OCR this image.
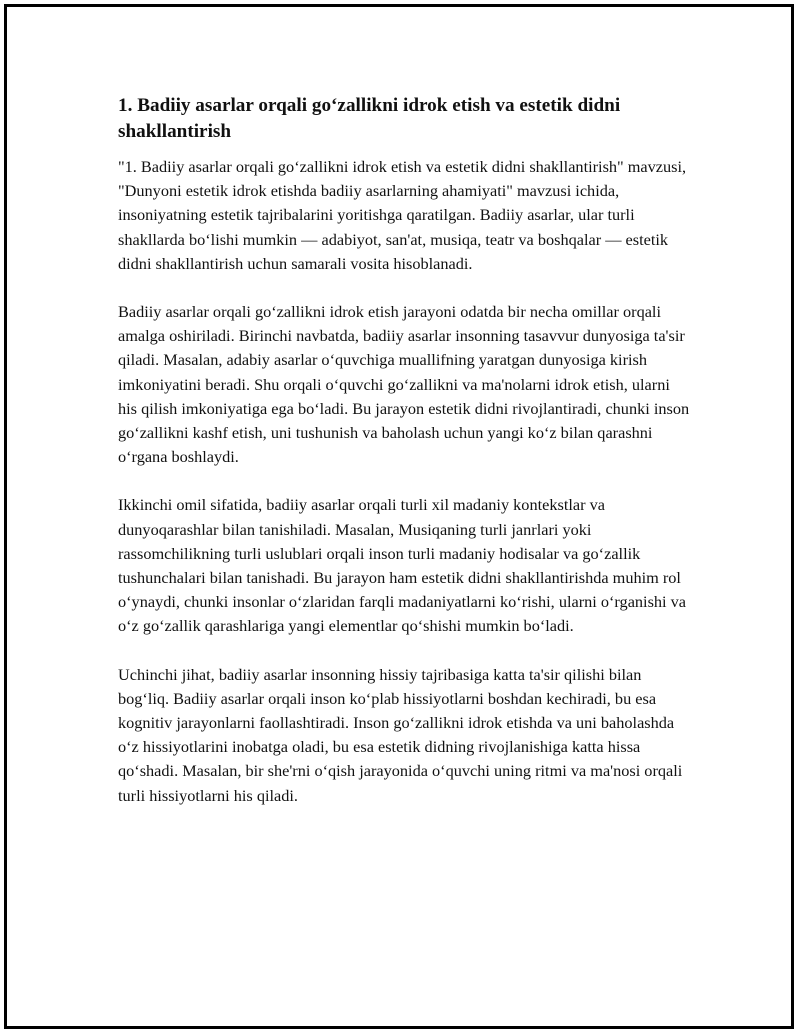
1. Badiiy asarlar orqali goʻzallikni idrok etish va estetik didni shakllantirish

"1. Badiiy asarlar orqali goʻzallikni idrok etish va estetik didni shakllantirish" mavzusi, "Dunyoni estetik idrok etishda badiiy asarlarning ahamiyati" mavzusi ichida, insoniyatning estetik tajribalarini yoritishga qaratilgan. Badiiy asarlar, ular turli shakllarda boʻlishi mumkin — adabiyot, san'at, musiqa, teatr va boshqalar — estetik didni shakllantirish uchun samarali vosita hisoblanadi.

Badiiy asarlar orqali goʻzallikni idrok etish jarayoni odatda bir necha omillar orqali amalga oshiriladi. Birinchi navbatda, badiiy asarlar insonning tasavvur dunyosiga ta'sir qiladi. Masalan, adabiy asarlar oʻquvchiga muallifning yaratgan dunyosiga kirish imkoniyatini beradi. Shu orqali oʻquvchi goʻzallikni va ma'nolarni idrok etish, ularni his qilish imkoniyatiga ega boʻladi. Bu jarayon estetik didni rivojlantiradi, chunki inson goʻzallikni kashf etish, uni tushunish va baholash uchun yangi koʻz bilan qarashni oʻrgana boshlaydi.

Ikkinchi omil sifatida, badiiy asarlar orqali turli xil madaniy kontekstlar va dunyoqarashlar bilan tanishiladi. Masalan, Musiqaning turli janrlari yoki rassomchilikning turli uslublari orqali inson turli madaniy hodisalar va goʻzallik tushunchalari bilan tanishadi. Bu jarayon ham estetik didni shakllantirishda muhim rol oʻynaydi, chunki insonlar oʻzlaridan farqli madaniyatlarni koʻrishi, ularni oʻrganishi va oʻz goʻzallik qarashlariga yangi elementlar qoʻshishi mumkin boʻladi.

Uchinchi jihat, badiiy asarlar insonning hissiy tajribasiga katta ta'sir qilishi bilan bogʻliq. Badiiy asarlar orqali inson koʻplab hissiyotlarni boshdan kechiradi, bu esa kognitiv jarayonlarni faollashtiradi. Inson goʻzallikni idrok etishda va uni baholashda oʻz hissiyotlarini inobatga oladi, bu esa estetik didning rivojlanishiga katta hissa qoʻshadi. Masalan, bir she'rni oʻqish jarayonida oʻquvchi uning ritmi va ma'nosi orqali turli hissiyotlarni his qiladi.
